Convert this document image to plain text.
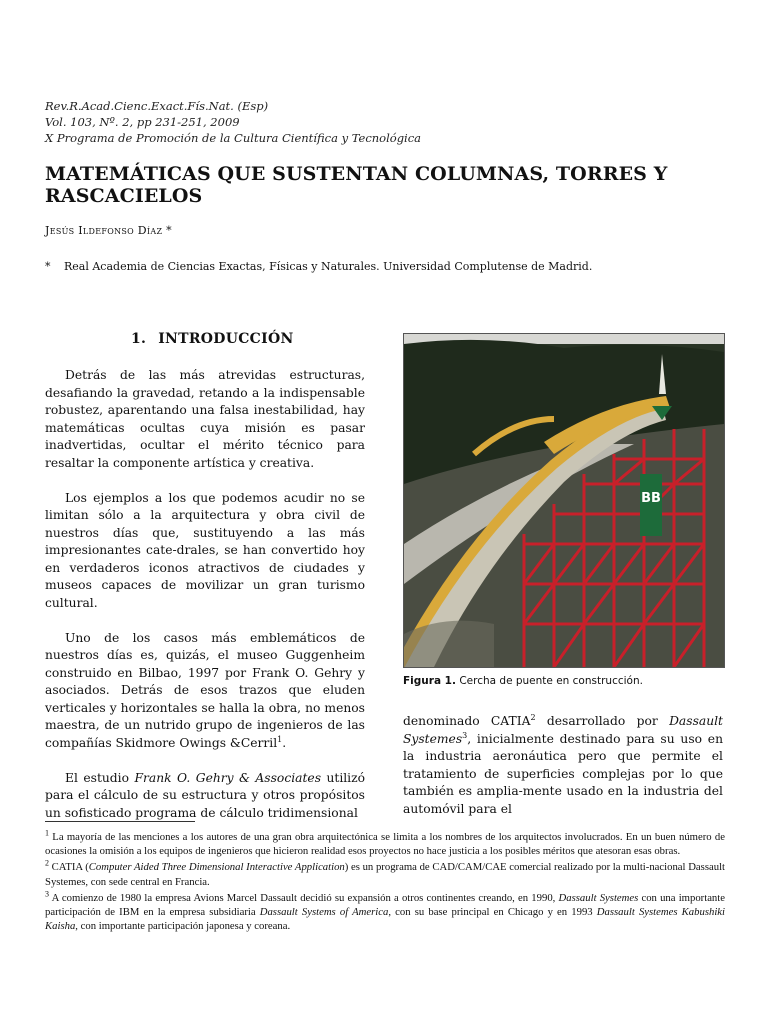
Rev.R.Acad.Cienc.Exact.Fís.Nat. (Esp)
Vol. 103, Nº. 2, pp 231-251, 2009
X Programa de Promoción de la Cultura Científica y Tecnológica
MATEMÁTICAS QUE SUSTENTAN COLUMNAS, TORRES Y RASCACIELOS
Jesús Ildefonso Díaz *
* Real Academia de Ciencias Exactas, Físicas y Naturales. Universidad Complutense de Madrid.
1. INTRODUCCIÓN

Detrás de las más atrevidas estructuras, desafiando la gravedad, retando a la indispensable robustez, aparentando una falsa inestabilidad, hay matemáticas ocultas cuya misión es pasar inadvertidas, ocultar el mérito técnico para resaltar la componente artística y creativa.

Los ejemplos a los que podemos acudir no se limitan sólo a la arquitectura y obra civil de nuestros días que, sustituyendo a las más impresionantes cate-drales, se han convertido hoy en verdaderos iconos atractivos de ciudades y museos capaces de movilizar un gran turismo cultural.

Uno de los casos más emblemáticos de nuestros días es, quizás, el museo Guggenheim construido en Bilbao, 1997 por Frank O. Gehry y asociados. Detrás de esos trazos que eluden verticales y horizontales se halla la obra, no menos maestra, de un nutrido grupo de ingenieros de las compañías Skidmore Owings &Cerril$^1$.

El estudio Frank O. Gehry & Associates utilizó para el cálculo de su estructura y otros propósitos un sofisticado programa de cálculo tridimensional

BB
Figura 1. Cercha de puente en construcción.

denominado CATIA$^2$ desarrollado por Dassault Systemes$^3$, inicialmente destinado para su uso en la industria aeronáutica pero que permite el tratamiento de superficies complejas por lo que también es amplia-mente usado en la industria del automóvil para el

$^1$ La mayoría de las menciones a los autores de una gran obra arquitectónica se limita a los nombres de los arquitectos involucrados. En un buen número de ocasiones la omisión a los equipos de ingenieros que hicieron realidad esos proyectos no hace justicia a los posibles méritos que atesoran esas obras.
$^2$ CATIA (Computer Aided Three Dimensional Interactive Application) es un programa de CAD/CAM/CAE comercial realizado por la multi-nacional Dassault Systemes, con sede central en Francia.
$^3$ A comienzo de 1980 la empresa Avions Marcel Dassault decidió su expansión a otros continentes creando, en 1990, Dassault Systemes con una importante participación de IBM en la empresa subsidiaria Dassault Systems of America, con su base principal en Chicago y en 1993 Dassault Systemes Kabushiki Kaisha, con importante participación japonesa y coreana.
